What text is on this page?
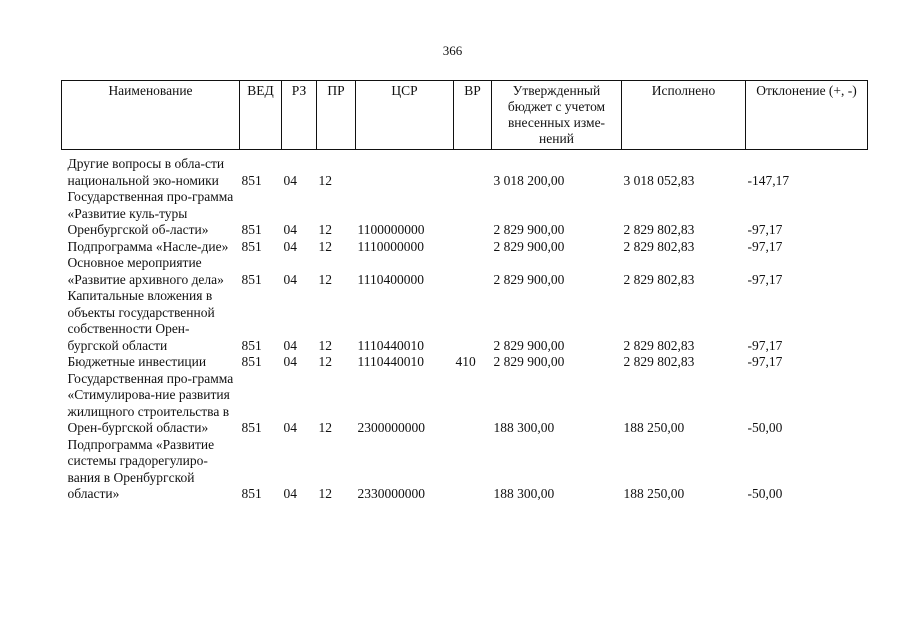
366
Наименование	ВЕД	РЗ	ПР	ЦСР	ВР	Утвержденный бюджет с учетом внесенных изме-нений	Исполнено	Отклонение (+, -)

Другие вопросы в обла-сти национальной эко-номики	851	04	12			3 018 200,00	3 018 052,83	-147,17
Государственная про-грамма «Развитие куль-туры Оренбургской об-ласти»	851	04	12	1100000000		2 829 900,00	2 829 802,83	-97,17
Подпрограмма «Насле-дие»	851	04	12	1110000000		2 829 900,00	2 829 802,83	-97,17
Основное мероприятие «Развитие архивного дела»	851	04	12	1110400000		2 829 900,00	2 829 802,83	-97,17
Капитальные вложения в объекты государственной собственности Орен-бургской области	851	04	12	1110440010		2 829 900,00	2 829 802,83	-97,17
Бюджетные инвестиции	851	04	12	1110440010	410	2 829 900,00	2 829 802,83	-97,17
Государственная про-грамма «Стимулирова-ние развития жилищного строительства в Орен-бургской области»	851	04	12	2300000000		188 300,00	188 250,00	-50,00
Подпрограмма «Развитие системы градорегулиро-вания в Оренбургской области»	851	04	12	2330000000		188 300,00	188 250,00	-50,00
